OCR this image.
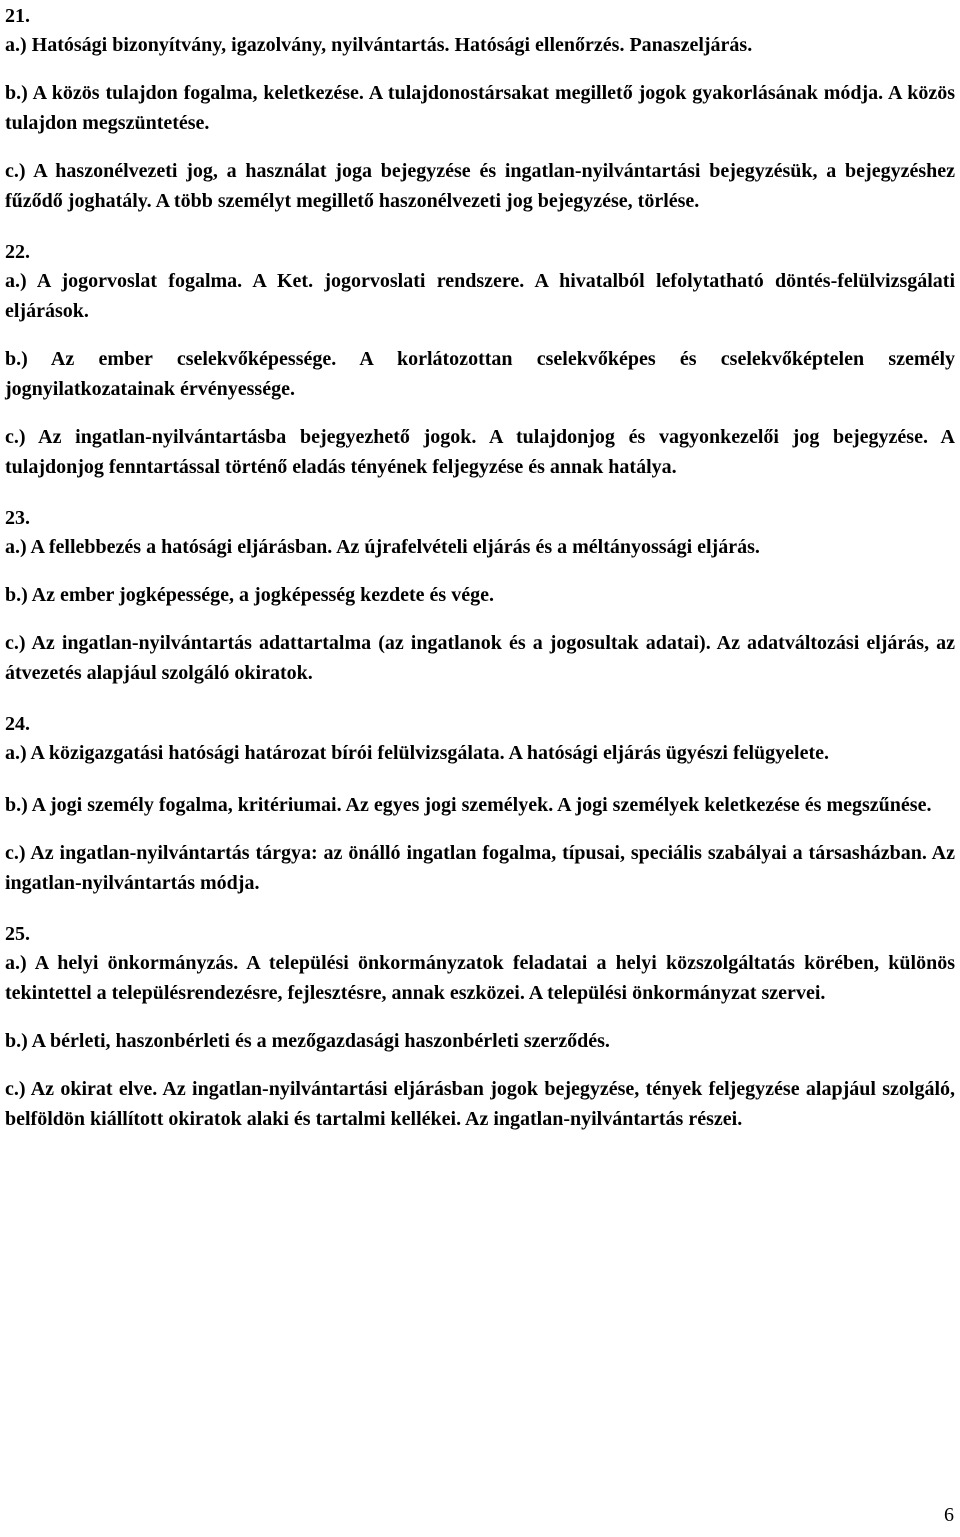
21.

a.) Hatósági bizonyítvány, igazolvány, nyilvántartás. Hatósági ellenőrzés. Panaszeljárás.

b.) A közös tulajdon fogalma, keletkezése. A tulajdonostársakat megillető jogok gyakorlásának módja. A közös tulajdon megszüntetése.

c.) A haszonélvezeti jog, a használat joga bejegyzése és ingatlan-nyilvántartási bejegyzésük, a bejegyzéshez fűződő joghatály. A több személyt megillető haszonélvezeti jog bejegyzése, törlése.

22.

a.) A jogorvoslat fogalma. A Ket. jogorvoslati rendszere. A hivatalból lefolytatható döntés-felülvizsgálati eljárások.

b.) Az ember cselekvőképessége. A korlátozottan cselekvőképes és cselekvőképtelen személy jognyilatkozatainak érvényessége.

c.) Az ingatlan-nyilvántartásba bejegyezhető jogok. A tulajdonjog és vagyonkezelői jog bejegyzése. A tulajdonjog fenntartással történő eladás tényének feljegyzése és annak hatálya.

23.

a.) A fellebbezés a hatósági eljárásban. Az újrafelvételi eljárás és a méltányossági eljárás.

b.) Az ember jogképessége, a jogképesség kezdete és vége.

c.) Az ingatlan-nyilvántartás adattartalma (az ingatlanok és a jogosultak adatai). Az adatváltozási eljárás, az átvezetés alapjául szolgáló okiratok.

24.

a.) A közigazgatási hatósági határozat bírói felülvizsgálata. A hatósági eljárás ügyészi felügyelete.

b.) A jogi személy fogalma, kritériumai. Az egyes jogi személyek. A jogi személyek keletkezése és megszűnése.

c.) Az ingatlan-nyilvántartás tárgya: az önálló ingatlan fogalma, típusai, speciális szabályai a társasházban. Az ingatlan-nyilvántartás módja.

25.

a.) A helyi önkormányzás. A települési önkormányzatok feladatai a helyi közszolgáltatás körében, különös tekintettel a településrendezésre, fejlesztésre, annak eszközei. A települési önkormányzat szervei.

b.) A bérleti, haszonbérleti és a mezőgazdasági haszonbérleti szerződés.

c.) Az okirat elve. Az ingatlan-nyilvántartási eljárásban jogok bejegyzése, tények feljegyzése alapjául szolgáló, belföldön kiállított okiratok alaki és tartalmi kellékei. Az ingatlan-nyilvántartás részei.

6
